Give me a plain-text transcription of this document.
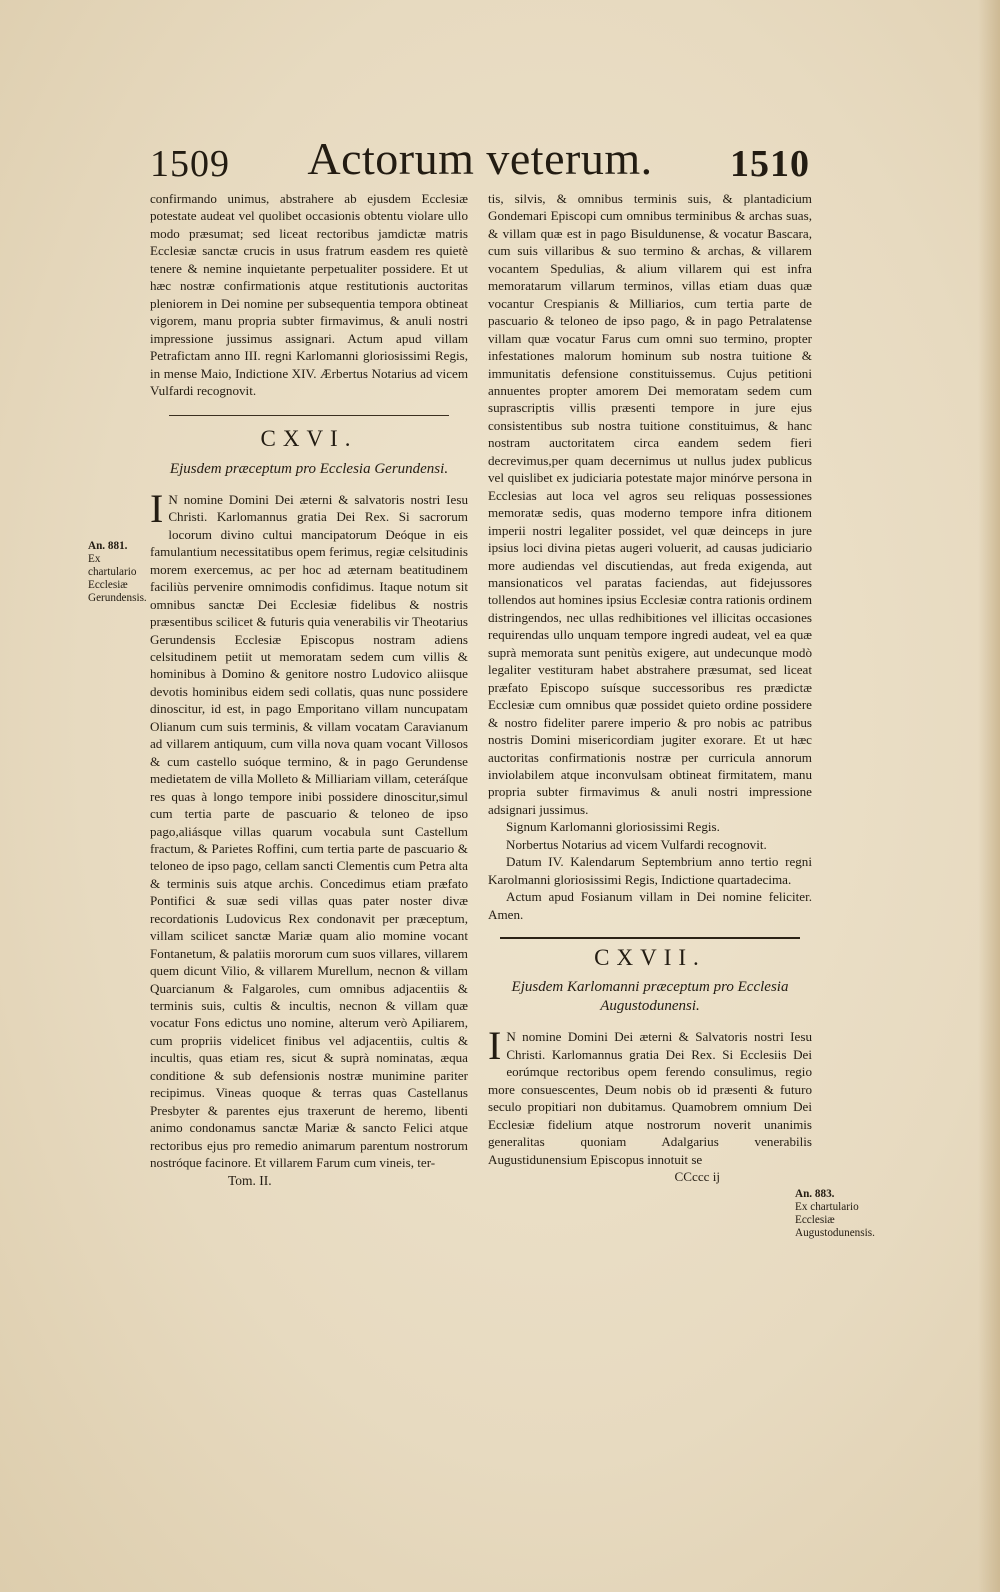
1509	Actorum veterum.	1510
An. 881.
Ex chartulario Ecclesiæ Gerundensis.

confirmando unimus, abstrahere ab ejusdem Ecclesiæ potestate audeat vel quolibet occasionis obtentu violare ullo modo præsumat; sed liceat rectoribus jamdictæ matris Ecclesiæ sanctæ crucis in usus fratrum easdem res quietè tenere & nemine inquietante perpetualiter possidere. Et ut hæc nostræ confirmationis atque restitutionis auctoritas pleniorem in Dei nomine per subsequentia tempora obtineat vigorem, manu propria subter firmavimus, & anuli nostri impressione jussimus assignari. Actum apud villam Petrafictam anno III. regni Karlomanni gloriosissimi Regis, in mense Maio, Indictione XIV. Ærbertus Notarius ad vicem Vulfardi recognovit.

CXVI.
Ejusdem præceptum pro Ecclesia Gerundensi.
I N nomine Domini Dei æterni & salvatoris nostri Iesu Christi. Karlomannus gratia Dei Rex. Si sacrorum locorum divino cultui mancipatorum Deóque in eis famulantium necessitatibus opem ferimus, regiæ celsitudinis morem exercemus, ac per hoc ad æternam beatitudinem faciliùs pervenire omnimodis confidimus. Itaque notum sit omnibus sanctæ Dei Ecclesiæ fidelibus & nostris præsentibus scilicet & futuris quia venerabilis vir Theotarius Gerundensis Ecclesiæ Episcopus nostram adiens celsitudinem petiit ut memoratam sedem cum villis & hominibus à Domino & genitore nostro Ludovico aliisque devotis hominibus eidem sedi collatis, quas nunc possidere dinoscitur, id est, in pago Emporitano villam nuncupatam Olianum cum suis terminis, & villam vocatam Caravianum ad villarem antiquum, cum villa nova quam vocant Villosos & cum castello suóque termino, & in pago Gerundense medietatem de villa Molleto & Milliariam villam, ceteráſque res quas à longo tempore inibi possidere dinoscitur,simul cum tertia parte de pascuario & teloneo de ipso pago,aliásque villas quarum vocabula sunt Castellum fractum, & Parietes Roffini, cum tertia parte de pascuario & teloneo de ipso pago, cellam sancti Clementis cum Petra alta & terminis suis atque archis. Concedimus etiam præfato Pontifici & suæ sedi villas quas pater noster divæ recordationis Ludovicus Rex condonavit per præceptum, villam scilicet sanctæ Mariæ quam alio momine vocant Fontanetum, & palatiis mororum cum suos villares, villarem quem dicunt Vilio, & villarem Murellum, necnon & villam Quarcianum & Falgaroles, cum omnibus adjacentiis & terminis suis, cultis & incultis, necnon & villam quæ vocatur Fons edictus uno nomine, alterum verò Apiliarem, cum propriis videlicet finibus vel adjacentiis, cultis & incultis, quas etiam res, sicut & suprà nominatas, æqua conditione & sub defensionis nostræ munimine pariter recipimus. Vineas quoque & terras quas Castellanus Presbyter & parentes ejus traxerunt de heremo, libenti animo condonamus sanctæ Mariæ & sancto Felici atque rectoribus ejus pro remedio animarum parentum nostrorum nostróque facinore. Et villarem Farum cum vineis, ter-

Tom. II.

tis, silvis, & omnibus terminis suis, & plantadicium Gondemari Episcopi cum omnibus terminibus & archas suas, & villam quæ est in pago Bisuldunense, & vocatur Bascara, cum suis villaribus & suo termino & archas, & villarem vocantem Spedulias, & alium villarem qui est infra memoratarum villarum terminos, villas etiam duas quæ vocantur Crespianis & Milliarios, cum tertia parte de pascuario & teloneo de ipso pago, & in pago Petralatense villam quæ vocatur Farus cum omni suo termino, propter infestationes malorum hominum sub nostra tuitione & immunitatis defensione constituissemus. Cujus petitioni annuentes propter amorem Dei memoratam sedem cum suprascriptis villis præsenti tempore in jure ejus consistentibus sub nostra tuitione constituimus, & hanc nostram auctoritatem circa eandem sedem fieri decrevimus,per quam decernimus ut nullus judex publicus vel quislibet ex judiciaria potestate major minórve persona in Ecclesias aut loca vel agros seu reliquas possessiones memoratæ sedis, quas moderno tempore infra ditionem imperii nostri legaliter possidet, vel quæ deinceps in jure ipsius loci divina pietas augeri voluerit, ad causas judiciario more audiendas vel discutiendas, aut freda exigenda, aut mansionaticos vel paratas faciendas, aut fidejussores tollendos aut homines ipsius Ecclesiæ contra rationis ordinem distringendos, nec ullas redhibitiones vel illicitas occasiones requirendas ullo unquam tempore ingredi audeat, vel ea quæ suprà memorata sunt penitùs exigere, aut undecunque modò legaliter vestituram habet abstrahere præsumat, sed liceat præfato Episcopo suísque successoribus res prædictæ Ecclesiæ cum omnibus quæ possidet quieto ordine possidere & nostro fideliter parere imperio & pro nobis ac patribus nostris Domini misericordiam jugiter exorare. Et ut hæc auctoritas confirmationis nostræ per curricula annorum inviolabilem atque inconvulsam obtineat firmitatem, manu propria subter firmavimus & anuli nostri impressione adsignari jussimus.

Signum Karlomanni gloriosissimi Regis.

Norbertus Notarius ad vicem Vulfardi recognovit.

Datum IV. Kalendarum Septembrium anno tertio regni Karolmanni gloriosissimi Regis, Indictione quartadecima.

Actum apud Fosianum villam in Dei nomine feliciter. Amen.

CXVII.
Ejusdem Karlomanni præceptum pro Ecclesia Augustodunensi.
I N nomine Domini Dei æterni & Salvatoris nostri Iesu Christi. Karlomannus gratia Dei Rex. Si Ecclesiis Dei eorúmque rectoribus opem ferendo consulimus, regio more consuescentes, Deum nobis ob id præsenti & futuro seculo propitiari non dubitamus. Quamobrem omnium Dei Ecclesiæ fidelium atque nostrorum noverit unanimis generalitas quoniam Adalgarius venerabilis Augustidunensium Episcopus innotuit se

CCccc ij

An. 883.
Ex chartulario Ecclesiæ Augustodunensis.
